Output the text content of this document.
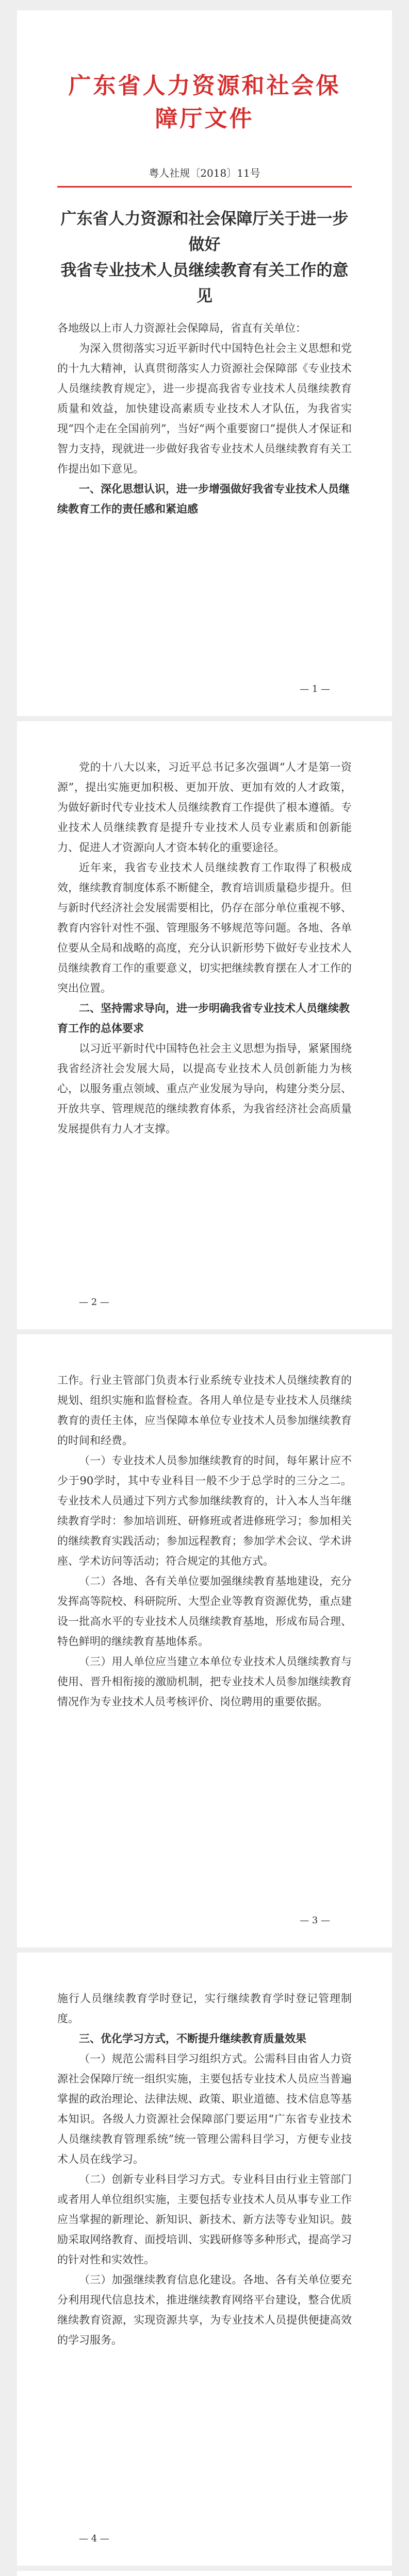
广东省人力资源和社会保障厅文件
粤人社规〔2018〕11号
广东省人力资源和社会保障厅关于进一步做好
我省专业技术人员继续教育有关工作的意见
各地级以上市人力资源社会保障局，省直有关单位：

为深入贯彻落实习近平新时代中国特色社会主义思想和党的十九大精神，认真贯彻落实人力资源社会保障部《专业技术人员继续教育规定》，进一步提高我省专业技术人员继续教育质量和效益，加快建设高素质专业技术人才队伍，为我省实现“四个走在全国前列”，当好“两个重要窗口”提供人才保证和智力支持，现就进一步做好我省专业技术人员继续教育有关工作提出如下意见。

一、深化思想认识，进一步增强做好我省专业技术人员继续教育工作的责任感和紧迫感

— 1 —

党的十八大以来，习近平总书记多次强调“人才是第一资源”，提出实施更加积极、更加开放、更加有效的人才政策，为做好新时代专业技术人员继续教育工作提供了根本遵循。专业技术人员继续教育是提升专业技术人员专业素质和创新能力、促进人才资源向人才资本转化的重要途径。

近年来，我省专业技术人员继续教育工作取得了积极成效，继续教育制度体系不断健全，教育培训质量稳步提升。但与新时代经济社会发展需要相比，仍存在部分单位重视不够、教育内容针对性不强、管理服务不够规范等问题。各地、各单位要从全局和战略的高度，充分认识新形势下做好专业技术人员继续教育工作的重要意义，切实把继续教育摆在人才工作的突出位置。

二、坚持需求导向，进一步明确我省专业技术人员继续教育工作的总体要求

以习近平新时代中国特色社会主义思想为指导，紧紧围绕我省经济社会发展大局，以提高专业技术人员创新能力为核心，以服务重点领域、重点产业发展为导向，构建分类分层、开放共享、管理规范的继续教育体系，为我省经济社会高质量发展提供有力人才支撑。

— 2 —

工作。行业主管部门负责本行业系统专业技术人员继续教育的规划、组织实施和监督检查。各用人单位是专业技术人员继续教育的责任主体，应当保障本单位专业技术人员参加继续教育的时间和经费。

（一）专业技术人员参加继续教育的时间，每年累计应不少于90学时，其中专业科目一般不少于总学时的三分之二。专业技术人员通过下列方式参加继续教育的，计入本人当年继续教育学时：参加培训班、研修班或者进修班学习；参加相关的继续教育实践活动；参加远程教育；参加学术会议、学术讲座、学术访问等活动；符合规定的其他方式。

（二）各地、各有关单位要加强继续教育基地建设，充分发挥高等院校、科研院所、大型企业等教育资源优势，重点建设一批高水平的专业技术人员继续教育基地，形成布局合理、特色鲜明的继续教育基地体系。

（三）用人单位应当建立本单位专业技术人员继续教育与使用、晋升相衔接的激励机制，把专业技术人员参加继续教育情况作为专业技术人员考核评价、岗位聘用的重要依据。

— 3 —

施行人员继续教育学时登记，实行继续教育学时登记管理制度。

三、优化学习方式，不断提升继续教育质量效果

（一）规范公需科目学习组织方式。公需科目由省人力资源社会保障厅统一组织实施，主要包括专业技术人员应当普遍掌握的政治理论、法律法规、政策、职业道德、技术信息等基本知识。各级人力资源社会保障部门要运用“广东省专业技术人员继续教育管理系统”统一管理公需科目学习，方便专业技术人员在线学习。

（二）创新专业科目学习方式。专业科目由行业主管部门或者用人单位组织实施，主要包括专业技术人员从事专业工作应当掌握的新理论、新知识、新技术、新方法等专业知识。鼓励采取网络教育、面授培训、实践研修等多种形式，提高学习的针对性和实效性。

（三）加强继续教育信息化建设。各地、各有关单位要充分利用现代信息技术，推进继续教育网络平台建设，整合优质继续教育资源，实现资源共享，为专业技术人员提供便捷高效的学习服务。

— 4 —
